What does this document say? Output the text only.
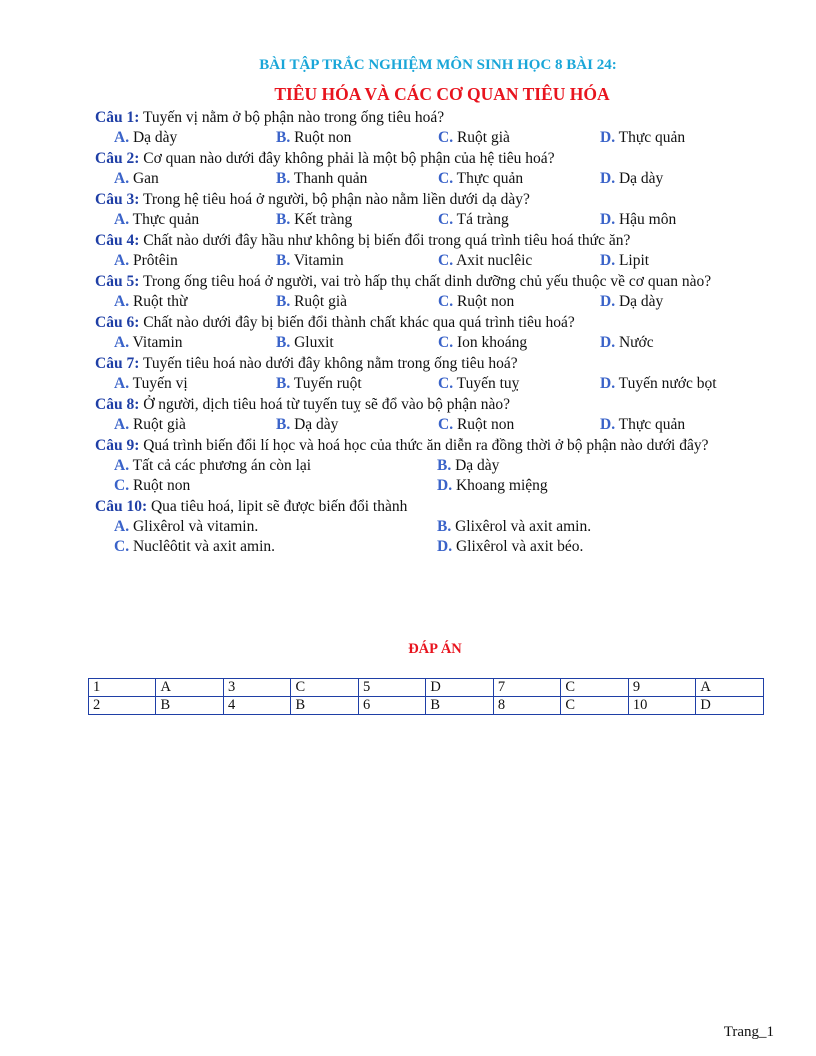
BÀI TẬP TRẮC NGHIỆM MÔN SINH HỌC 8 BÀI 24:
TIÊU HÓA VÀ CÁC CƠ QUAN TIÊU HÓA
Câu 1: Tuyến vị nằm ở bộ phận nào trong ống tiêu hoá?
A. Dạ dày	B. Ruột non	C. Ruột già	D. Thực quản
Câu 2: Cơ quan nào dưới đây không phải là một bộ phận của hệ tiêu hoá?
A. Gan	B. Thanh quản	C. Thực quản	D. Dạ dày
Câu 3: Trong hệ tiêu hoá ở người, bộ phận nào nằm liền dưới dạ dày?
A. Thực quản	B. Kết tràng	C. Tá tràng	D. Hậu môn
Câu 4: Chất nào dưới đây hầu như không bị biến đổi trong quá trình tiêu hoá thức ăn?
A. Prôtêin	B. Vitamin	C. Axit nuclêic	D. Lipit
Câu 5: Trong ống tiêu hoá ở người, vai trò hấp thụ chất dinh dưỡng chủ yếu thuộc về cơ quan nào?
A. Ruột thừ	B. Ruột già	C. Ruột non	D. Dạ dày
Câu 6: Chất nào dưới đây bị biến đổi thành chất khác qua quá trình tiêu hoá?
A. Vitamin	B. Gluxit	C. Ion khoáng	D. Nước
Câu 7: Tuyến tiêu hoá nào dưới đây không nằm trong ống tiêu hoá?
A. Tuyến vị	B. Tuyến ruột	C. Tuyến tuỵ	D. Tuyến nước bọt
Câu 8: Ở người, dịch tiêu hoá từ tuyến tuỵ sẽ đổ vào bộ phận nào?
A. Ruột già	B. Dạ dày	C. Ruột non	D. Thực quản
Câu 9: Quá trình biến đổi lí học và hoá học của thức ăn diễn ra đồng thời ở bộ phận nào dưới đây?
A. Tất cả các phương án còn lại	B. Dạ dày
C. Ruột non	D. Khoang miệng
Câu 10: Qua tiêu hoá, lipit sẽ được biến đổi thành
A. Glixêrol và vitamin.	B. Glixêrol và axit amin.
C. Nuclêôtit và axit amin.	D. Glixêrol và axit béo.
ĐÁP ÁN
1	A	3	C	5	D	7	C	9	A
2	B	4	B	6	B	8	C	10	D
Trang_1
